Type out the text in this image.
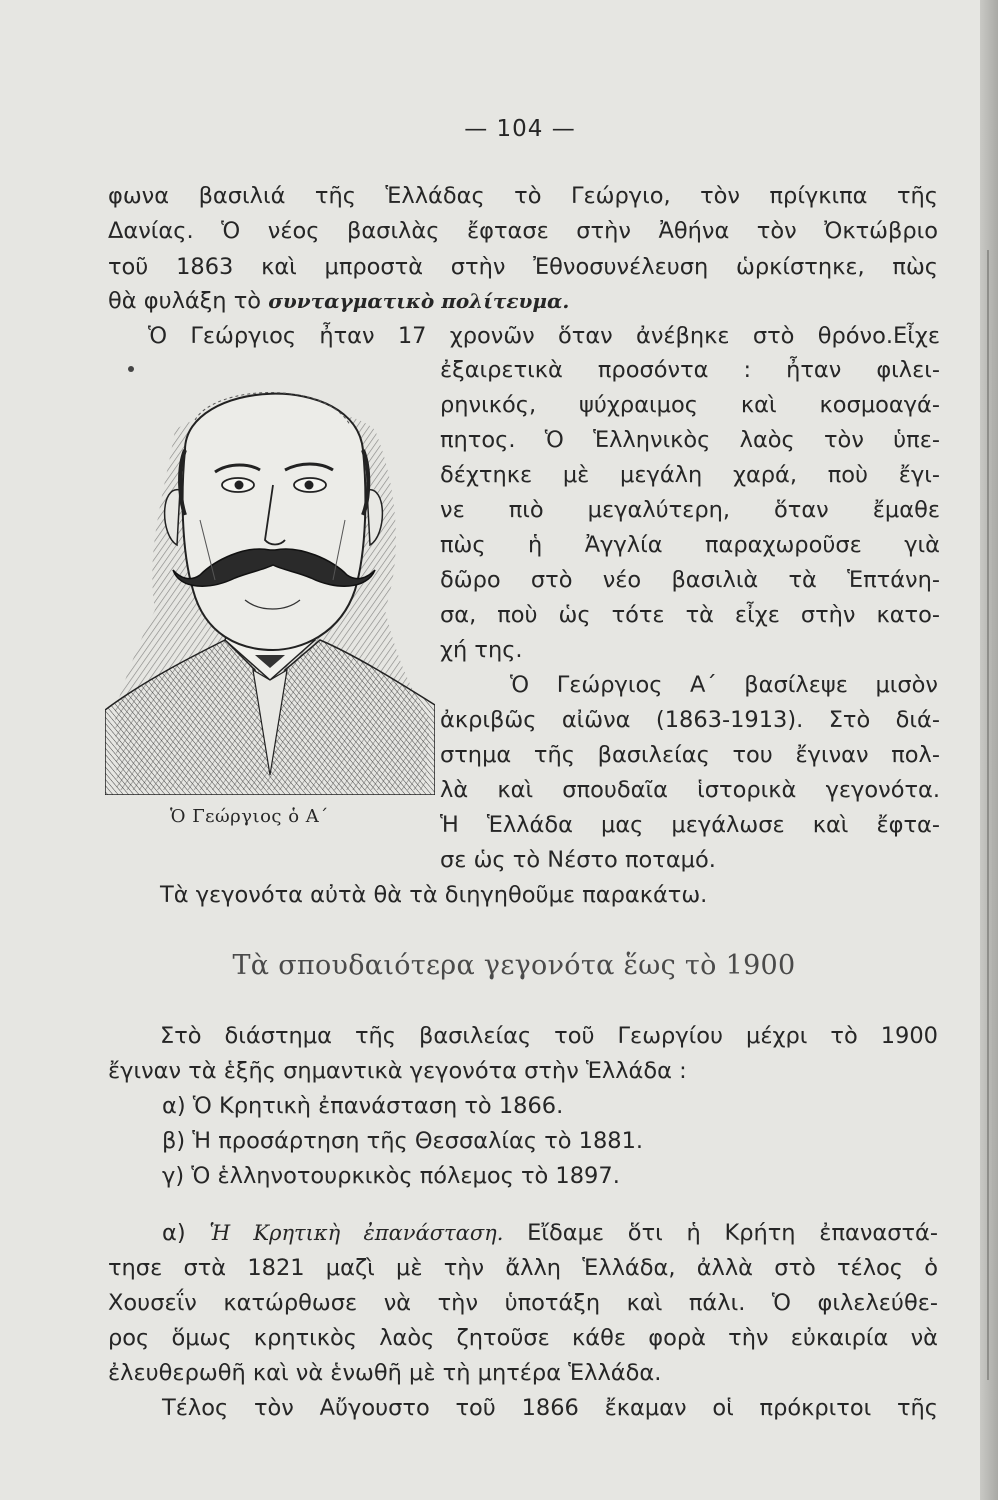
— 104 —
φωνα βασιλιά τῆς Ἑλλάδας τὸ Γεώργιο, τὸν πρίγκιπα τῆς
Δανίας. Ὁ νέος βασιλὰς ἔφτασε στὴν Ἀθήνα τὸν Ὀκτώβριο
τοῦ 1863 καὶ μπροστὰ στὴν Ἐθνοσυνέλευση ὡρκίστηκε, πὼς
θὰ φυλάξη τὸ συνταγματικὸ πολίτευμα.
Ὁ Γεώργιος ἦταν 17 χρονῶν ὅταν ἀνέβηκε στὸ θρόνο.Εἶχε
ἐξαιρετικὰ προσόντα : ἦταν φιλει-
ρηνικός, ψύχραιμος καὶ κοσμοαγά-
πητος. Ὁ Ἑλληνικὸς λαὸς τὸν ὑπε-
δέχτηκε μὲ μεγάλη χαρά, ποὺ ἔγι-
νε πιὸ μεγαλύτερη, ὅταν ἔμαθε
πὼς ἡ Ἀγγλία παραχωροῦσε γιὰ
δῶρο στὸ νέο βασιλιὰ τὰ Ἑπτάνη-
σα, ποὺ ὡς τότε τὰ εἶχε στὴν κατο-
χή της.
Ὁ Γεώργιος Α΄ βασίλεψε μισὸν
ἀκριβῶς αἰῶνα (1863-1913). Στὸ διά-
στημα τῆς βασιλείας του ἔγιναν πολ-
λὰ καὶ σπουδαῖα ἱστορικὰ γεγονότα.
Ἡ Ἑλλάδα μας μεγάλωσε καὶ ἔφτα-
σε ὡς τὸ Νέστο ποταμό.
Τὰ γεγονότα αὐτὰ θὰ τὰ διηγηθοῦμε παρακάτω.
Ὁ Γεώργιος ὁ Α΄
Τὰ σπουδαιότερα γεγονότα ἕως τὸ 1900
Στὸ διάστημα τῆς βασιλείας τοῦ Γεωργίου μέχρι τὸ 1900
ἔγιναν τὰ ἑξῆς σημαντικὰ γεγονότα στὴν Ἑλλάδα :
α) Ὁ Κρητικὴ ἐπανάσταση τὸ 1866.
β) Ἡ προσάρτηση τῆς Θεσσαλίας τὸ 1881.
γ) Ὁ ἑλληνοτουρκικὸς πόλεμος τὸ 1897.
α) Ἡ Κρητικὴ ἐπανάσταση. Εἴδαμε ὅτι ἡ Κρήτη ἐπαναστά-
τησε στὰ 1821 μαζὶ μὲ τὴν ἄλλη Ἑλλάδα, ἀλλὰ στὸ τέλος ὁ
Χουσεΐν κατώρθωσε νὰ τὴν ὑποτάξη καὶ πάλι. Ὁ φιλελεύθε-
ρος ὅμως κρητικὸς λαὸς ζητοῦσε κάθε φορὰ τὴν εὐκαιρία νὰ
ἐλευθερωθῆ καὶ νὰ ἑνωθῆ μὲ τὴ μητέρα Ἑλλάδα.
Τέλος τὸν Αὔγουστο τοῦ 1866 ἔκαμαν οἱ πρόκριτοι τῆς
